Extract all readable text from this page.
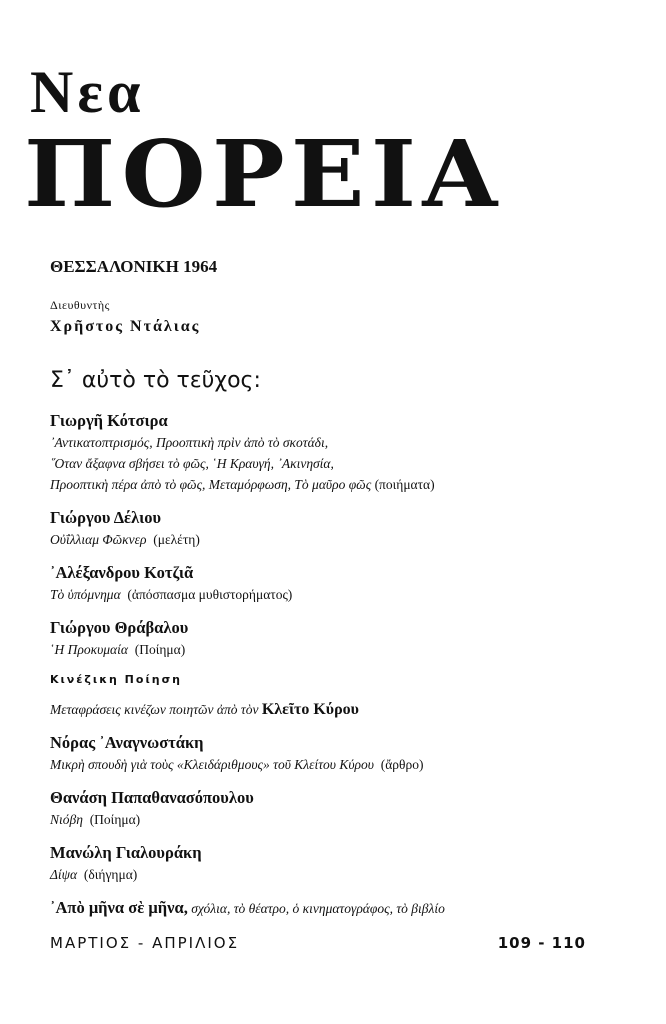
Νεα
ΠΟΡΕΙΑ
ΘΕΣΣΑΛΟΝΙΚΗ 1964
Διευθυντὴς
Χρῆστος Ντάλιας
Σ᾽ αὐτὸ τὸ τεῦχος:

Γιωργῆ Κότσιρα

᾽Αντικατοπτρισμός, Προοπτικὴ πρὶν ἀπὸ τὸ σκοτάδι,

῞Οταν ἄξαφνα σβήσει τὸ φῶς, ῾Η Κραυγή, ᾽Ακινησία,

Προοπτικὴ πέρα ἀπὸ τὸ φῶς, Μεταμόρφωση, Τὸ μαῦρο φῶς (ποιήματα)

Γιώργου Δέλιου

Οὐΐλλιαμ Φῶκνερ (μελέτη)

᾽Αλέξανδρου Κοτζιᾶ

Τὸ ὑπόμνημα (ἀπόσπασμα μυθιστορήματος)

Γιώργου Θράβαλου

῾Η Προκυμαία (Ποίημα)

Κινέζικη Ποίηση

Μεταφράσεις κινέζων ποιητῶν ἀπὸ τὸν Κλεῖτο Κύρου

Νόρας ᾽Αναγνωστάκη

Μικρὴ σπουδὴ γιὰ τοὺς «Κλειδάριθμους» τοῦ Κλείτου Κύρου (ἄρθρο)

Θανάση Παπαθανασόπουλου

Νιόβη (Ποίημα)

Μανώλη Γιαλουράκη

Δίψα (διήγημα)

᾽Απὸ μῆνα σὲ μῆνα, σχόλια, τὸ θέατρο, ὁ κινηματογράφος, τὸ βιβλίο
ΜΑΡΤΙΟΣ - ΑΠΡΙΛΙΟΣ	109 - 110
